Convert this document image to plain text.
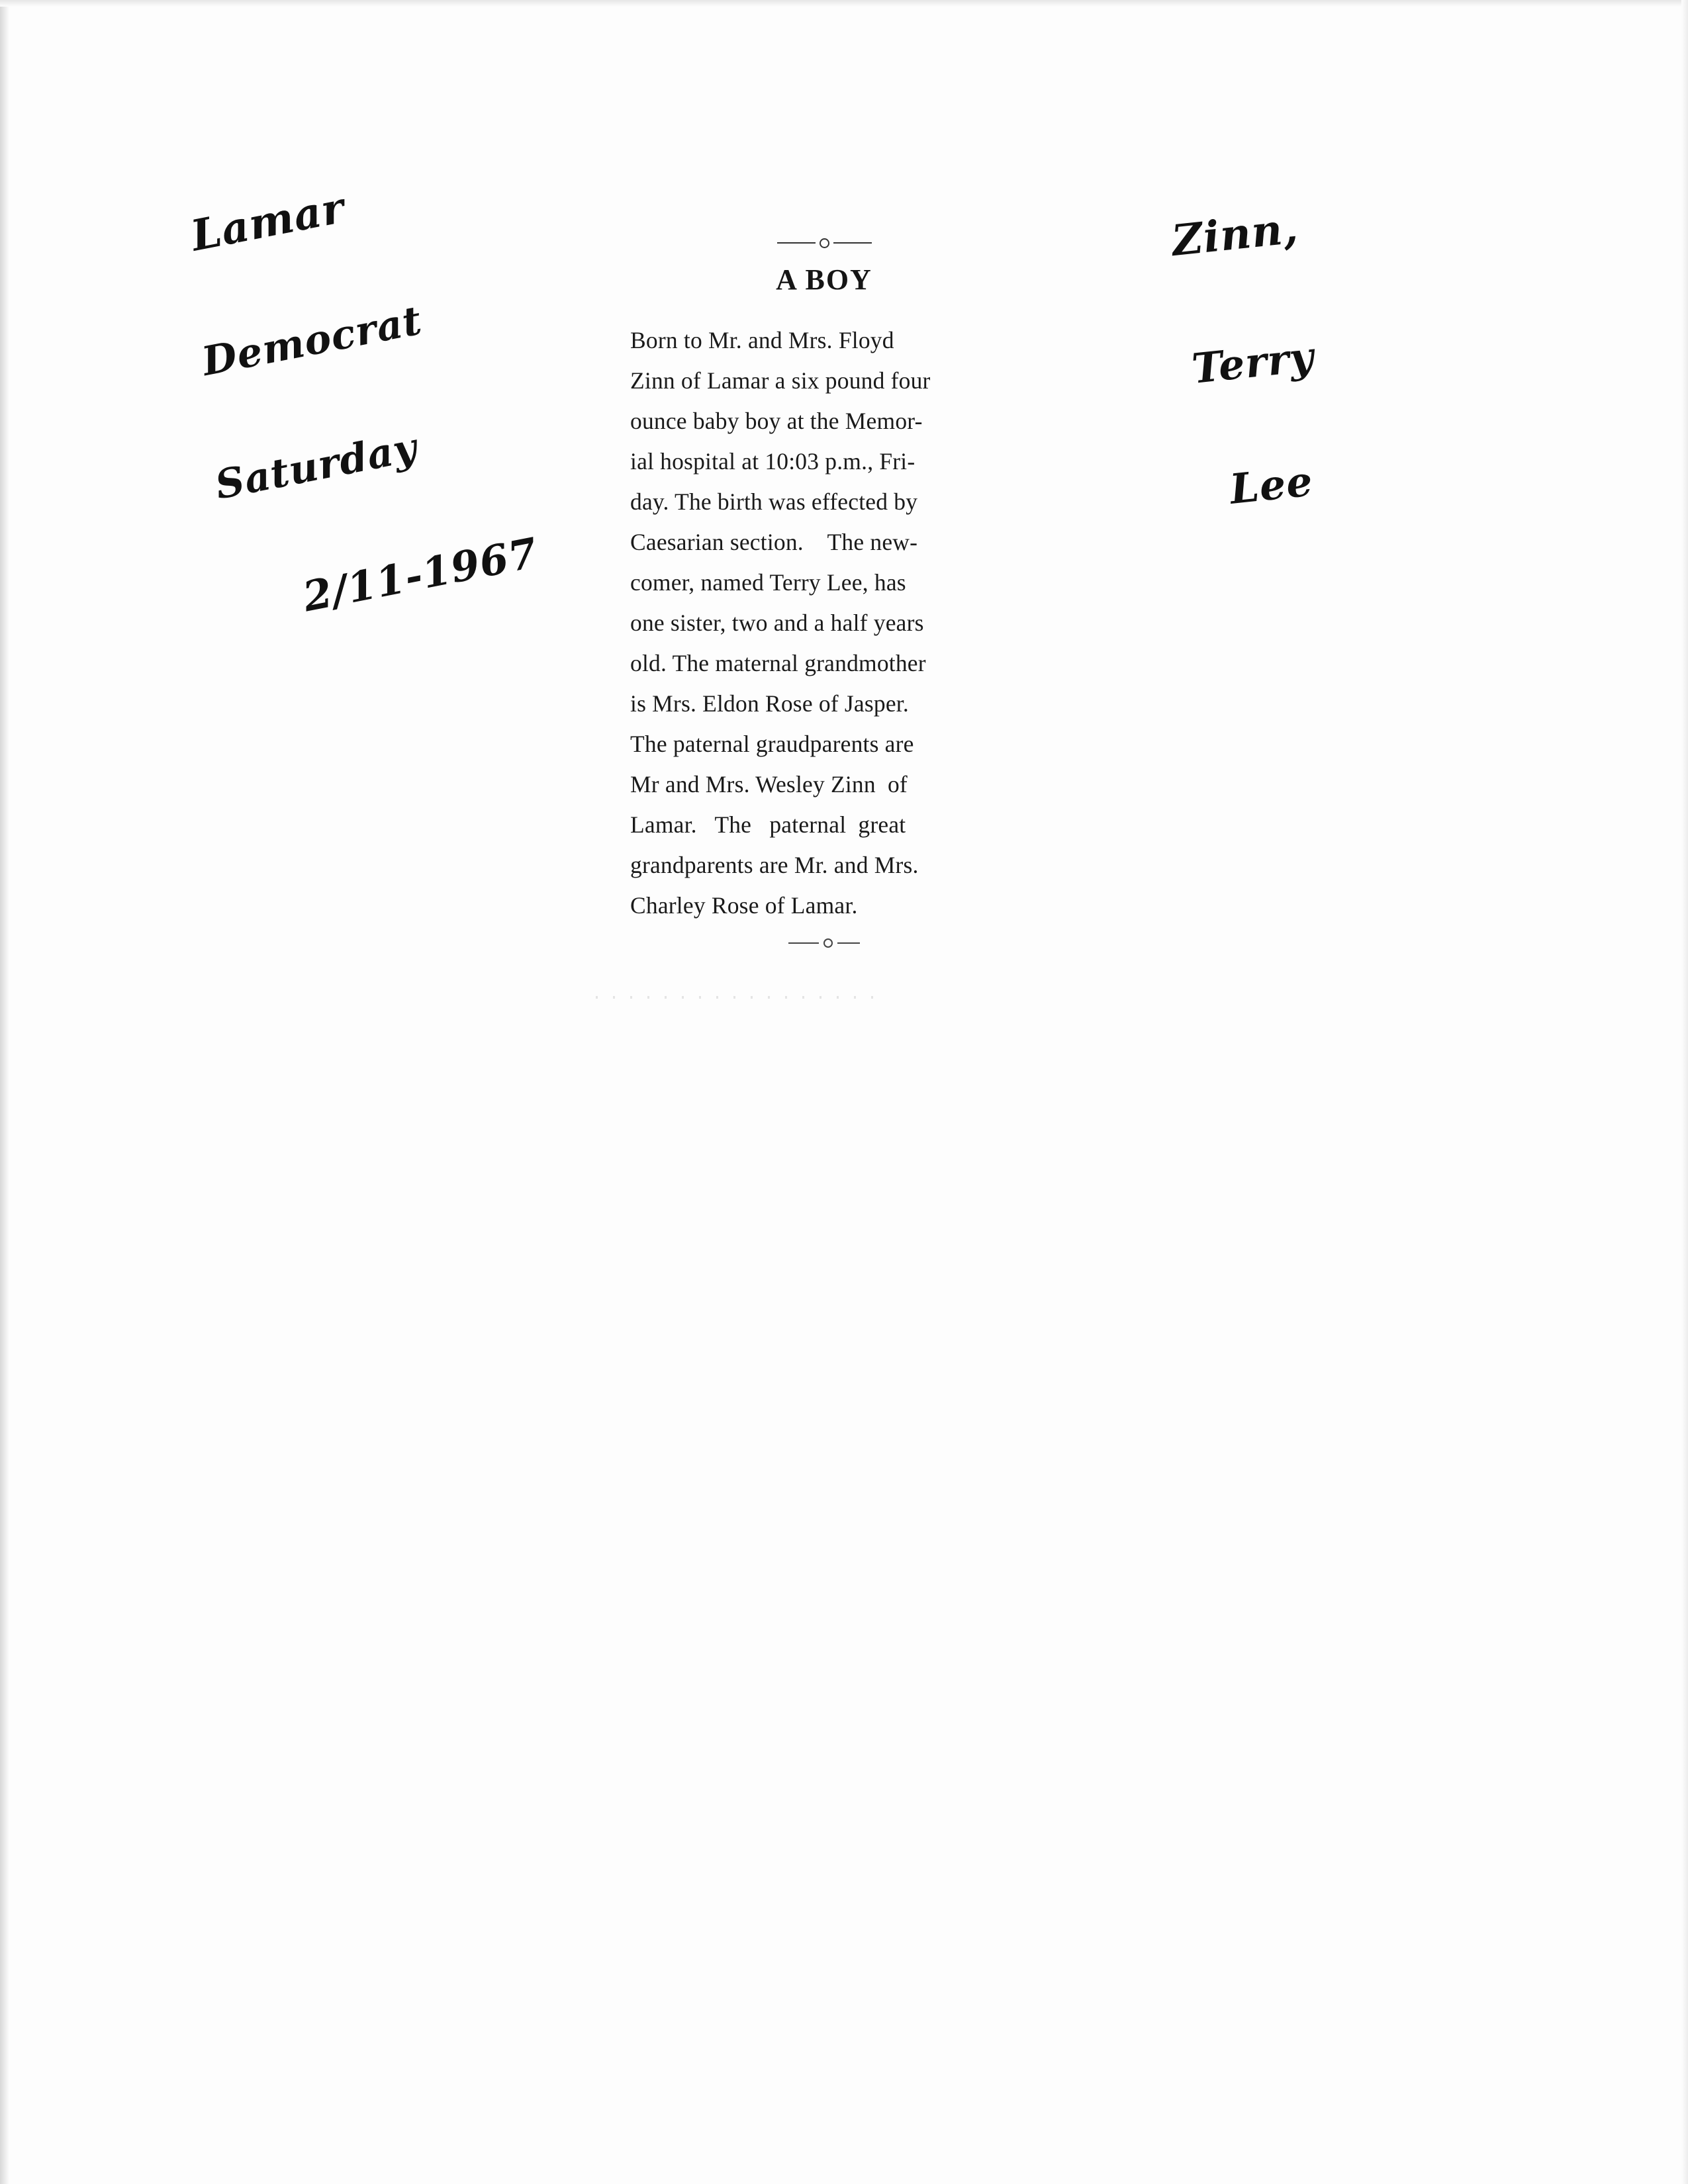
Lamar

Democrat

Saturday

2/11-1967

Zinn,

Terry

Lee

A BOY

Born to Mr. and Mrs. Floyd
Zinn of Lamar a six pound four
ounce baby boy at the Memor-
ial hospital at 10:03 p.m., Fri-
day. The birth was effected by
Caesarian section.    The new-
comer, named Terry Lee, has
one sister, two and a half years
old. The maternal grandmother
is Mrs. Eldon Rose of Jasper.
The paternal graudparents are
Mr and Mrs. Wesley Zinn  of
Lamar.   The   paternal  great
grandparents are Mr. and Mrs.
Charley Rose of Lamar.
